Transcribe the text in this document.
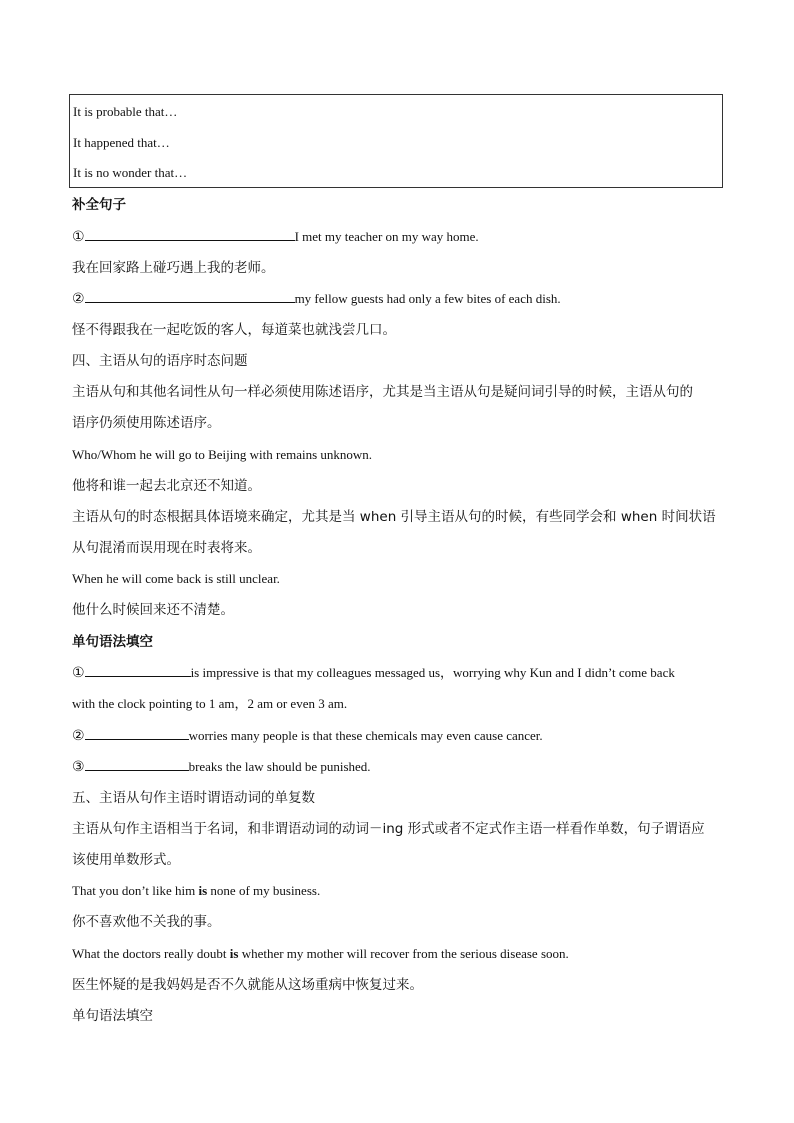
It is probable that…
It happened that…
It is no wonder that…
补全句子
①	I met my teacher on my way home.
我在回家路上碰巧遇上我的老师。
②	my fellow guests had only a few bites of each dish.
怪不得跟我在一起吃饭的客人，每道菜也就浅尝几口。
四、主语从句的语序时态问题
主语从句和其他名词性从句一样必须使用陈述语序，尤其是当主语从句是疑问词引导的时候，主语从句的
语序仍须使用陈述语序。
Who/Whom he will go to Beijing with remains unknown.
他将和谁一起去北京还不知道。
主语从句的时态根据具体语境来确定，尤其是当 when 引导主语从句的时候，有些同学会和 when 时间状语
从句混淆而误用现在时表将来。
When he will come back is still unclear.
他什么时候回来还不清楚。
单句语法填空
①	is impressive is that my colleagues messaged us，worrying why Kun and I didn’t come back
with the clock pointing to 1 am，2 am or even 3 am.
②	worries many people is that these chemicals may even cause cancer.
③	breaks the law should be punished.
五、主语从句作主语时谓语动词的单复数
主语从句作主语相当于名词，和非谓语动词的动词－ing 形式或者不定式作主语一样看作单数，句子谓语应
该使用单数形式。
That you don’t like him is none of my business.
你不喜欢他不关我的事。
What the doctors really doubt is whether my mother will recover from the serious disease soon.
医生怀疑的是我妈妈是否不久就能从这场重病中恢复过来。
单句语法填空
